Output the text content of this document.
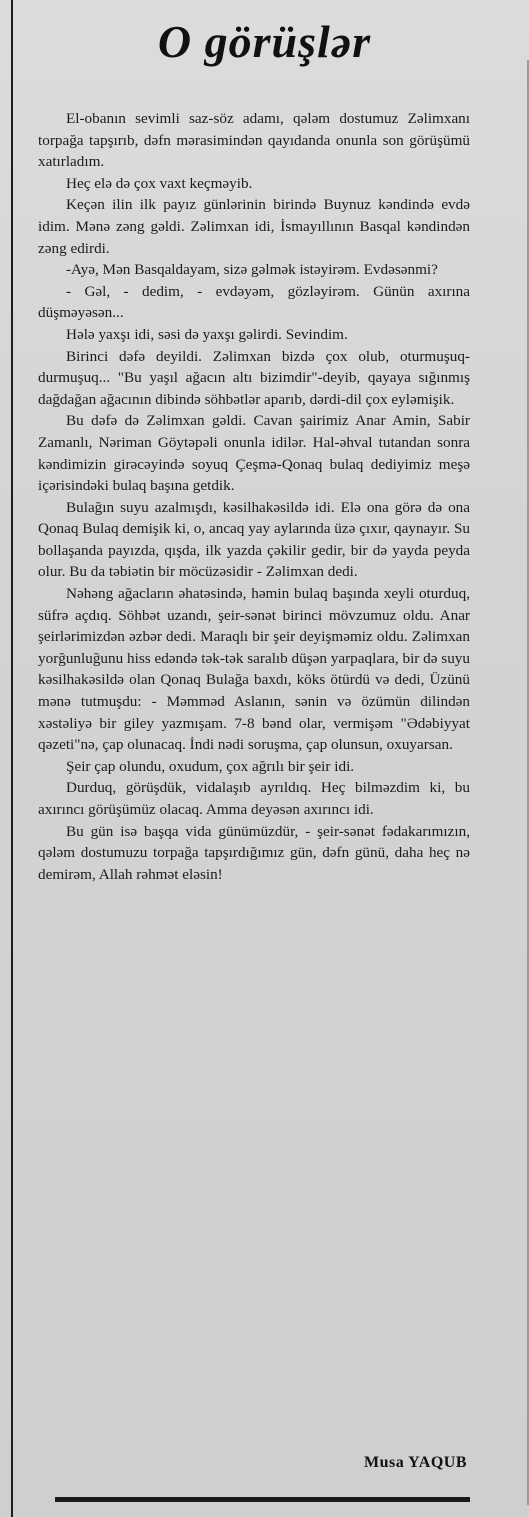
O görüşlər

El-obanın sevimli saz-söz adamı, qələm dostumuz Zəlimxanı torpağa tapşırıb, dəfn mərasimindən qayıdanda onunla son görüşümü xatırladım.

Heç elə də çox vaxt keçməyib.

Keçən ilin ilk payız günlərinin birində Buynuz kəndində evdə idim. Mənə zəng gəldi. Zəlimxan idi, İsmayıllının Basqal kəndindən zəng edirdi.

-Ayə, Mən Basqaldayam, sizə gəlmək istəyirəm. Evdəsənmi?

- Gəl, - dedim, - evdəyəm, gözləyirəm. Günün axırına düşməyəsən...

Hələ yaxşı idi, səsi də yaxşı gəlirdi. Sevindim.

Birinci dəfə deyildi. Zəlimxan bizdə çox olub, oturmuşuq-durmuşuq... "Bu yaşıl ağacın altı bizimdir"-deyib, qayaya sığınmış dağdağan ağacının dibində söhbətlər aparıb, dərdi-dil çox eyləmişik.

Bu dəfə də Zəlimxan gəldi. Cavan şairimiz Anar Amin, Sabir Zamanlı, Nəriman Göytəpəli onunla idilər. Hal-əhval tutandan sonra kəndimizin girəcəyində soyuq Çeşmə-Qonaq bulaq dediyimiz meşə içərisindəki bulaq başına getdik.

Bulağın suyu azalmışdı, kəsilhakəsildə idi. Elə ona görə də ona Qonaq Bulaq demişik ki, o, ancaq yay aylarında üzə çıxır, qaynayır. Su bollaşanda payızda, qışda, ilk yazda çəkilir gedir, bir də yayda peyda olur. Bu da təbiətin bir möcüzəsidir - Zəlimxan dedi.

Nəhəng ağacların əhatəsində, həmin bulaq başında xeyli oturduq, süfrə açdıq. Söhbət uzandı, şeir-sənət birinci mövzumuz oldu. Anar şeirlərimizdən əzbər dedi. Maraqlı bir şeir deyişməmiz oldu. Zəlimxan yorğunluğunu hiss edəndə tək-tək saralıb düşən yarpaqlara, bir də suyu kəsilhakəsildə olan Qonaq Bulağa baxdı, köks ötürdü və dedi, Üzünü mənə tutmuşdu: - Məmməd Aslanın, sənin və özümün dilindən xəstəliyə bir giley yazmışam. 7-8 bənd olar, vermişəm "Ədəbiyyat qəzeti"nə, çap olunacaq. İndi nədi soruşma, çap olunsun, oxuyarsan.

Şeir çap olundu, oxudum, çox ağrılı bir şeir idi.

Durduq, görüşdük, vidalaşıb ayrıldıq. Heç bilməzdim ki, bu axırıncı görüşümüz olacaq. Amma deyəsən axırıncı idi.

Bu gün isə başqa vida günümüzdür, - şeir-sənət fədakarımızın, qələm dostumuzu torpağa tapşırdığımız gün, dəfn günü, daha heç nə demirəm, Allah rəhmət eləsin!

Musa YAQUB
